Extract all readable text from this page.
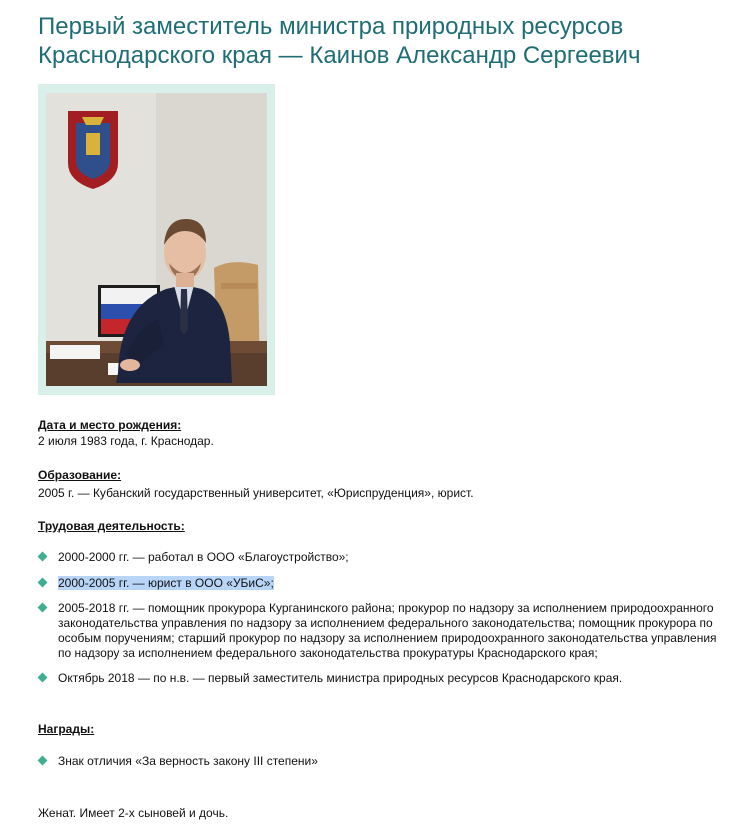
Первый заместитель министра природных ресурсов Краснодарского края — Каинов Александр Сергеевич

Дата и место рождения:

2 июля 1983 года, г. Краснодар.

Образование:

2005 г. — Кубанский государственный университет, «Юриспруденция», юрист.

Трудовая деятельность:

2000-2000 гг. — работал в ООО «Благоустройство»;
2000-2005 гг. — юрист в ООО «УБиС»;
2005-2018 гг. — помощник прокурора Курганинского района; прокурор по надзору за исполнением природоохранного законодательства управления по надзору за исполнением федерального законодательства; помощник прокурора по особым поручениям; старший прокурор по надзору за исполнением природоохранного законодательства управления по надзору за исполнением федерального законодательства прокуратуры Краснодарского края;
Октябрь 2018 — по н.в. — первый заместитель министра природных ресурсов Краснодарского края.

Награды:

Знак отличия «За верность закону III степени»

Женат. Имеет 2-х сыновей и дочь.
